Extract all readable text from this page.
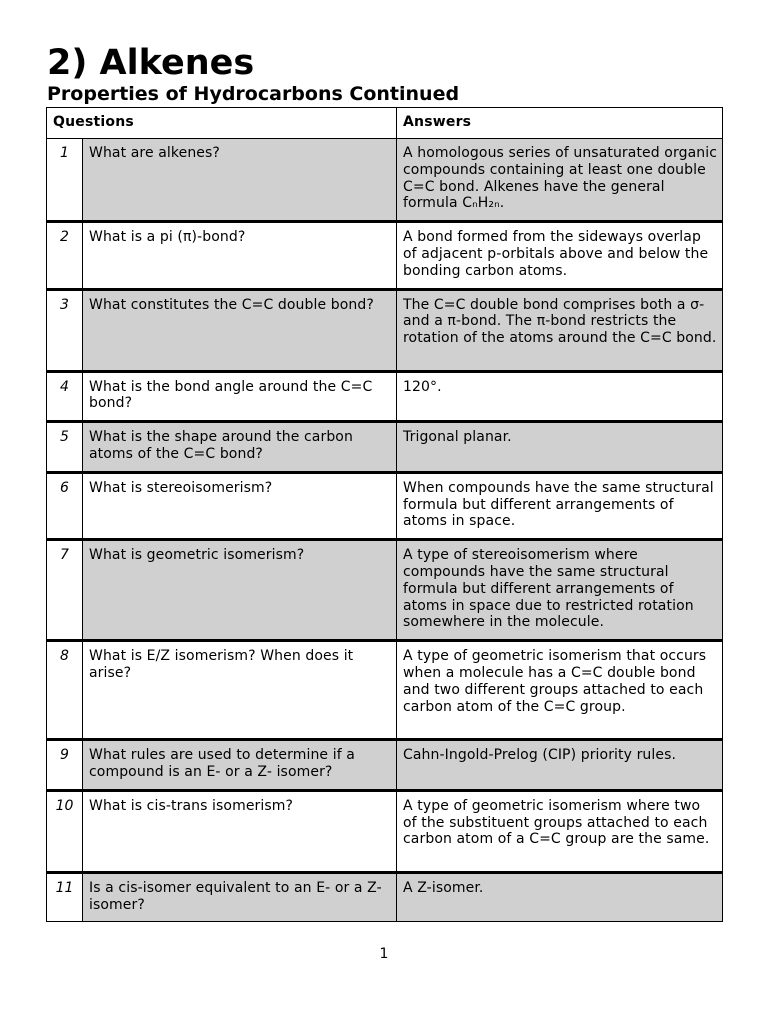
2) Alkenes
Properties of Hydrocarbons Continued
Questions		Answers
1	What are alkenes?	A homologous series of unsaturated organic compounds containing at least one double C=C bond. Alkenes have the general formula CₙH₂ₙ.
2	What is a pi (π)-bond?	A bond formed from the sideways overlap of adjacent p-orbitals above and below the bonding carbon atoms.
3	What constitutes the C=C double bond?	The C=C double bond comprises both a σ- and a π-bond. The π-bond restricts the rotation of the atoms around the C=C bond.
4	What is the bond angle around the C=C bond?	120°.
5	What is the shape around the carbon atoms of the C=C bond?	Trigonal planar.
6	What is stereoisomerism?	When compounds have the same structural formula but different arrangements of atoms in space.
7	What is geometric isomerism?	A type of stereoisomerism where compounds have the same structural formula but different arrangements of atoms in space due to restricted rotation somewhere in the molecule.
8	What is E/Z isomerism? When does it arise?	A type of geometric isomerism that occurs when a molecule has a C=C double bond and two different groups attached to each carbon atom of the C=C group.
9	What rules are used to determine if a compound is an E- or a Z- isomer?	Cahn-Ingold-Prelog (CIP) priority rules.
10	What is cis-trans isomerism?	A type of geometric isomerism where two of the substituent groups attached to each carbon atom of a C=C group are the same.
11	Is a cis-isomer equivalent to an E- or a Z- isomer?	A Z-isomer.
1
